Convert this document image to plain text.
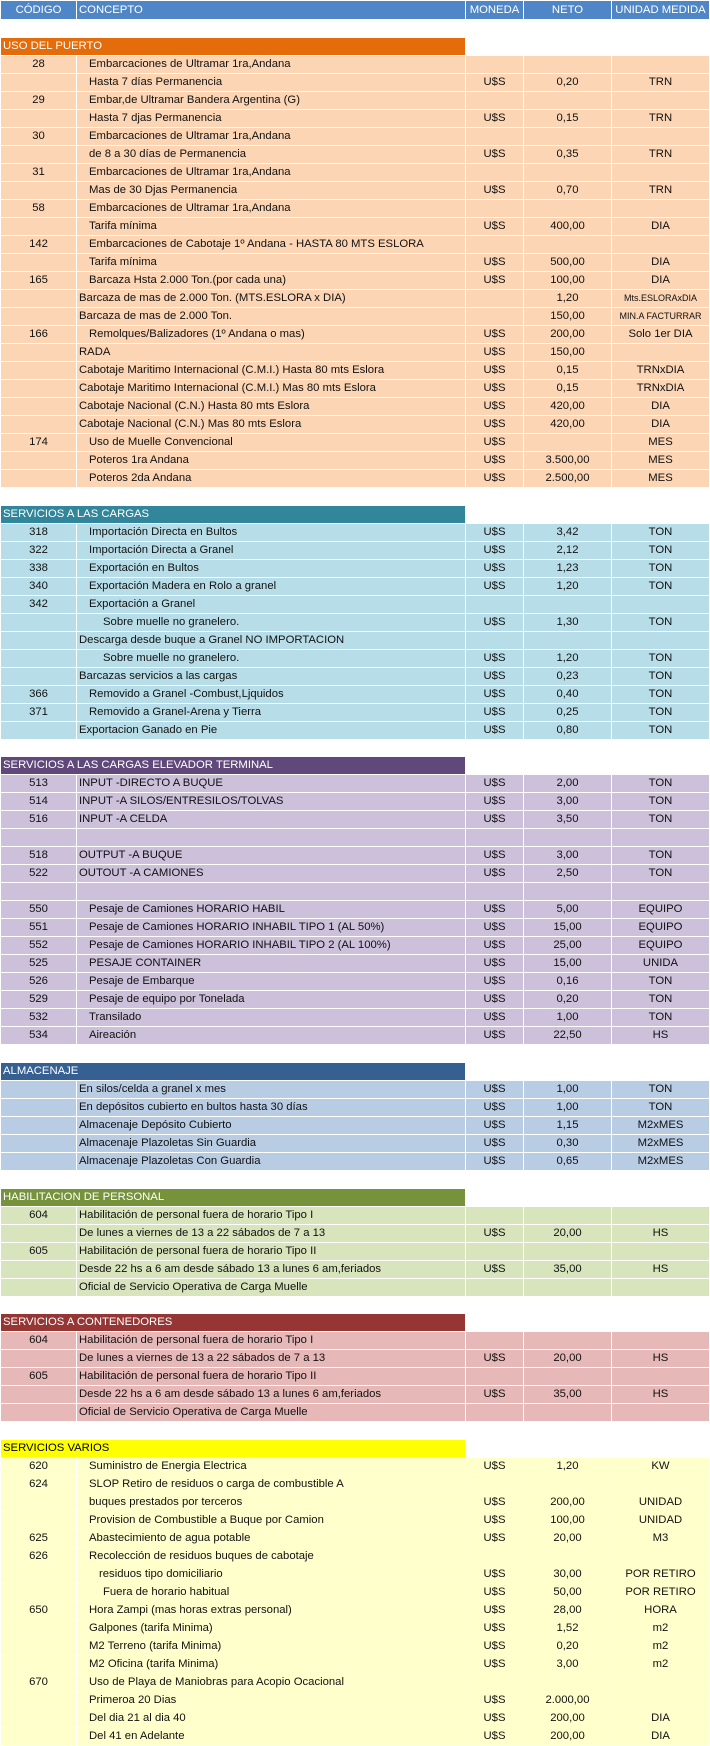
CÓDIGO	CONCEPTO	MONEDA	NETO	UNIDAD MEDIDA

USO DEL PUERTO				
28	Embarcaciones de Ultramar 1ra,Andana			
	Hasta 7 días Permanencia	U$S	0,20	TRN
29	Embar,de Ultramar Bandera Argentina (G)			
	Hasta 7 djas Permanencia	U$S	0,15	TRN
30	Embarcaciones de Ultramar 1ra,Andana			
	de 8 a 30 días de Permanencia	U$S	0,35	TRN
31	Embarcaciones de Ultramar 1ra,Andana			
	Mas de 30 Djas Permanencia	U$S	0,70	TRN
58	Embarcaciones de Ultramar 1ra,Andana			
	Tarifa mínima	U$S	400,00	DIA
142	Embarcaciones de Cabotaje 1º Andana - HASTA 80 MTS ESLORA			
	Tarifa mínima	U$S	500,00	DIA
165	Barcaza Hsta 2.000 Ton.(por cada una)	U$S	100,00	DIA
	Barcaza de mas de 2.000 Ton. (MTS.ESLORA x DIA)		1,20	Mts.ESLORAxDIA
	Barcaza de mas de 2.000 Ton.		150,00	MIN.A FACTURRAR
166	Remolques/Balizadores (1º Andana o mas)	U$S	200,00	Solo 1er DIA
	RADA	U$S	150,00	
	Cabotaje Maritimo Internacional (C.M.I.) Hasta 80 mts Eslora	U$S	0,15	TRNxDIA
	Cabotaje Maritimo Internacional (C.M.I.) Mas 80 mts Eslora	U$S	0,15	TRNxDIA
	Cabotaje Nacional (C.N.) Hasta 80 mts Eslora	U$S	420,00	DIA
	Cabotaje Nacional (C.N.) Mas 80 mts Eslora	U$S	420,00	DIA
174	Uso de Muelle Convencional	U$S		MES
	Poteros 1ra Andana	U$S	3.500,00	MES
	Poteros 2da Andana	U$S	2.500,00	MES

SERVICIOS A LAS CARGAS				
318	Importación Directa en Bultos	U$S	3,42	TON
322	Importación Directa a Granel	U$S	2,12	TON
338	Exportación en Bultos	U$S	1,23	TON
340	Exportación Madera en Rolo a granel	U$S	1,20	TON
342	Exportación a Granel			
	Sobre muelle no granelero.	U$S	1,30	TON
	Descarga desde buque a Granel NO IMPORTACION			
	Sobre muelle no granelero.	U$S	1,20	TON
	Barcazas servicios a las cargas	U$S	0,23	TON
366	Removido a Granel -Combust,Ljquidos	U$S	0,40	TON
371	Removido a Granel-Arena y Tierra	U$S	0,25	TON
	Exportacion Ganado en Pie	U$S	0,80	TON

SERVICIOS A LAS CARGAS ELEVADOR TERMINAL				
513	INPUT -DIRECTO A BUQUE	U$S	2,00	TON
514	INPUT -A SILOS/ENTRESILOS/TOLVAS	U$S	3,00	TON
516	INPUT -A CELDA	U$S	3,50	TON

518	OUTPUT -A BUQUE	U$S	3,00	TON
522	OUTOUT -A CAMIONES	U$S	2,50	TON

550	Pesaje de Camiones HORARIO HABIL	U$S	5,00	EQUIPO
551	Pesaje de Camiones HORARIO INHABIL TIPO 1 (AL 50%)	U$S	15,00	EQUIPO
552	Pesaje de Camiones HORARIO INHABIL TIPO 2 (AL 100%)	U$S	25,00	EQUIPO
525	PESAJE CONTAINER	U$S	15,00	UNIDA
526	Pesaje de Embarque	U$S	0,16	TON
529	Pesaje de equipo por Tonelada	U$S	0,20	TON
532	Transilado	U$S	1,00	TON
534	Aireación	U$S	22,50	HS

ALMACENAJE				
	En silos/celda a granel x mes	U$S	1,00	TON
	En depósitos cubierto en bultos hasta 30 días	U$S	1,00	TON
	Almacenaje Depósito Cubierto	U$S	1,15	M2xMES
	Almacenaje Plazoletas Sin Guardia	U$S	0,30	M2xMES
	Almacenaje Plazoletas Con Guardia	U$S	0,65	M2xMES

HABILITACION DE PERSONAL				
604	Habilitación de personal fuera de horario Tipo I			
	De lunes a viernes de 13 a 22 sábados de 7 a 13	U$S	20,00	HS
605	Habilitación de personal fuera de horario Tipo II			
	Desde 22 hs a 6 am desde sábado 13 a lunes 6 am,feriados	U$S	35,00	HS
	Oficial de Servicio Operativa de Carga Muelle			

SERVICIOS A CONTENEDORES				
604	Habilitación de personal fuera de horario Tipo I			
	De lunes a viernes de 13 a 22 sábados de 7 a 13	U$S	20,00	HS
605	Habilitación de personal fuera de horario Tipo II			
	Desde 22 hs a 6 am desde sábado 13 a lunes 6 am,feriados	U$S	35,00	HS
	Oficial de Servicio Operativa de Carga Muelle			

SERVICIOS VARIOS				
620	Suministro de Energia Electrica	U$S	1,20	KW
624	SLOP Retiro de residuos o carga de combustible A			
	buques prestados por terceros	U$S	200,00	UNIDAD
	Provision de Combustible a Buque por Camion	U$S	100,00	UNIDAD
625	Abastecimiento de agua potable	U$S	20,00	M3
626	Recolección de residuos buques de cabotaje			
	residuos tipo domiciliario	U$S	30,00	POR RETIRO
	Fuera de horario habitual	U$S	50,00	POR RETIRO
650	Hora Zampi (mas horas extras personal)	U$S	28,00	HORA
	Galpones (tarifa Minima)	U$S	1,52	m2
	M2 Terreno (tarifa Minima)	U$S	0,20	m2
	M2 Oficina (tarifa Minima)	U$S	3,00	m2
670	Uso de Playa de Maniobras para Acopio Ocacional			
	Primeroa 20 Dias	U$S	2.000,00	
	Del dia 21 al dia 40	U$S	200,00	DIA
	Del 41 en Adelante	U$S	200,00	DIA
